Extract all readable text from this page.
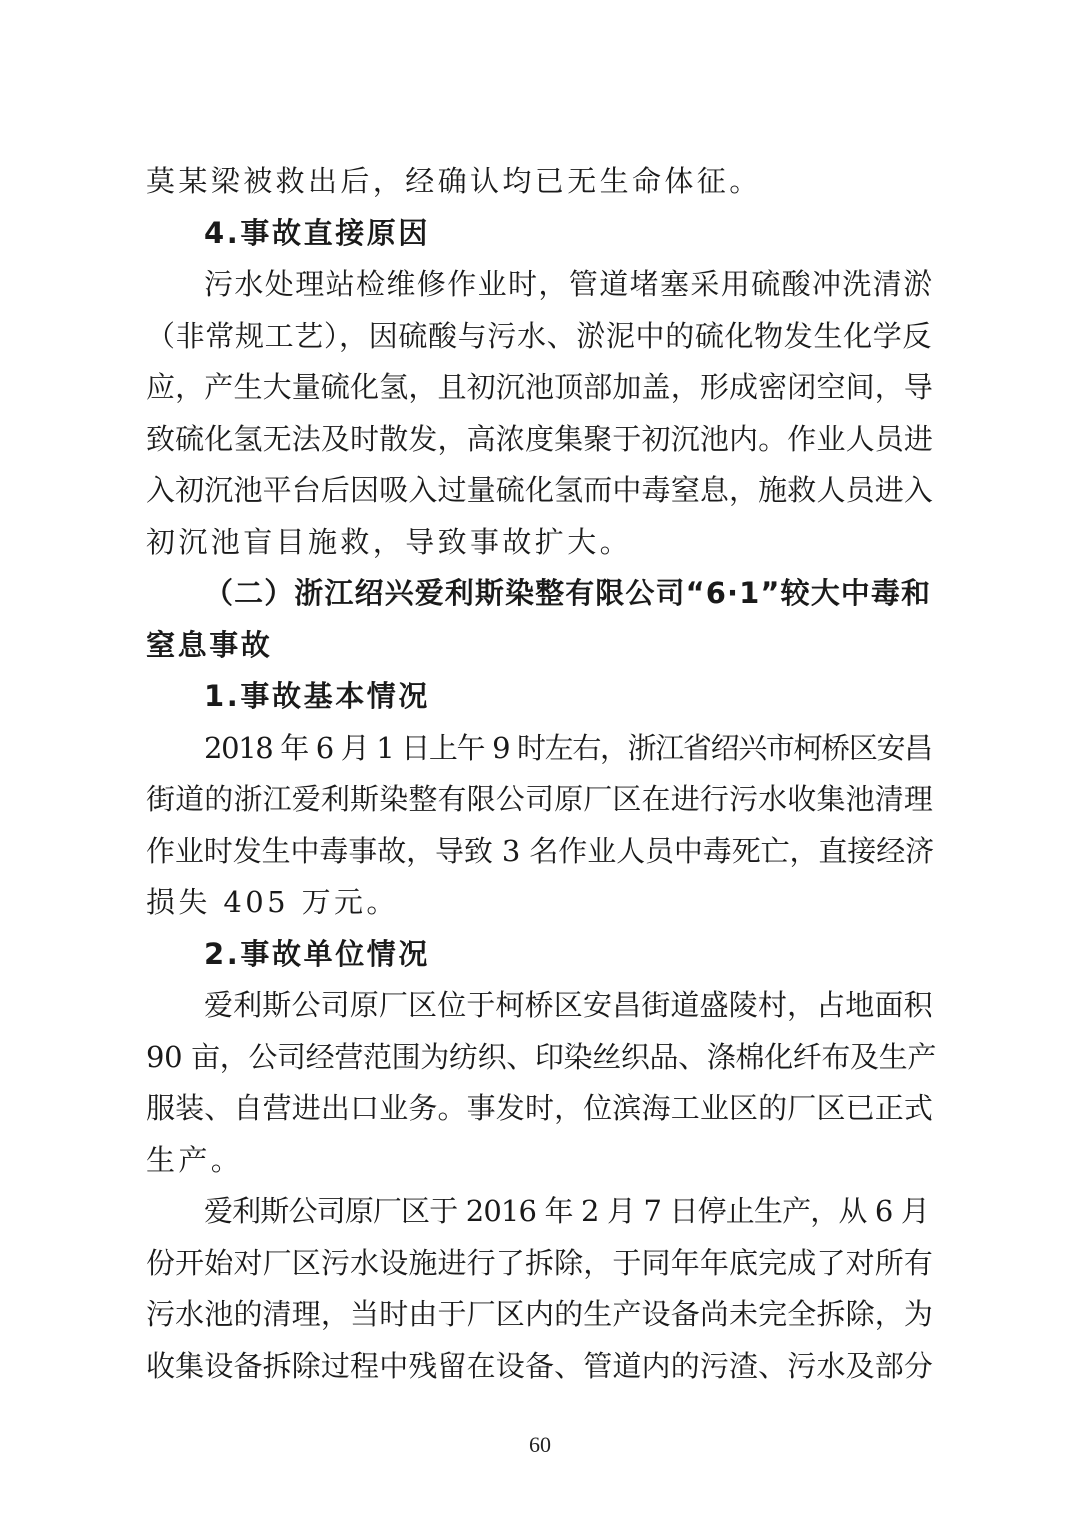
莫某梁被救出后，经确认均已无生命体征。
4.事故直接原因
污水处理站检维修作业时，管道堵塞采用硫酸冲洗清淤
（非常规工艺），因硫酸与污水、淤泥中的硫化物发生化学反
应，产生大量硫化氢，且初沉池顶部加盖，形成密闭空间，导
致硫化氢无法及时散发，高浓度集聚于初沉池内。作业人员进
入初沉池平台后因吸入过量硫化氢而中毒窒息，施救人员进入
初沉池盲目施救，导致事故扩大。
（二）浙江绍兴爱利斯染整有限公司“6·1”较大中毒和
窒息事故
1.事故基本情况
2018 年 6 月 1 日上午 9 时左右，浙江省绍兴市柯桥区安昌
街道的浙江爱利斯染整有限公司原厂区在进行污水收集池清理
作业时发生中毒事故，导致 3 名作业人员中毒死亡，直接经济
损失 405 万元。
2.事故单位情况
爱利斯公司原厂区位于柯桥区安昌街道盛陵村，占地面积
90 亩，公司经营范围为纺织、印染丝织品、涤棉化纤布及生产
服装、自营进出口业务。事发时，位滨海工业区的厂区已正式
生产。
爱利斯公司原厂区于 2016 年 2 月 7 日停止生产，从 6 月
份开始对厂区污水设施进行了拆除，于同年年底完成了对所有
污水池的清理，当时由于厂区内的生产设备尚未完全拆除，为
收集设备拆除过程中残留在设备、管道内的污渣、污水及部分
60
